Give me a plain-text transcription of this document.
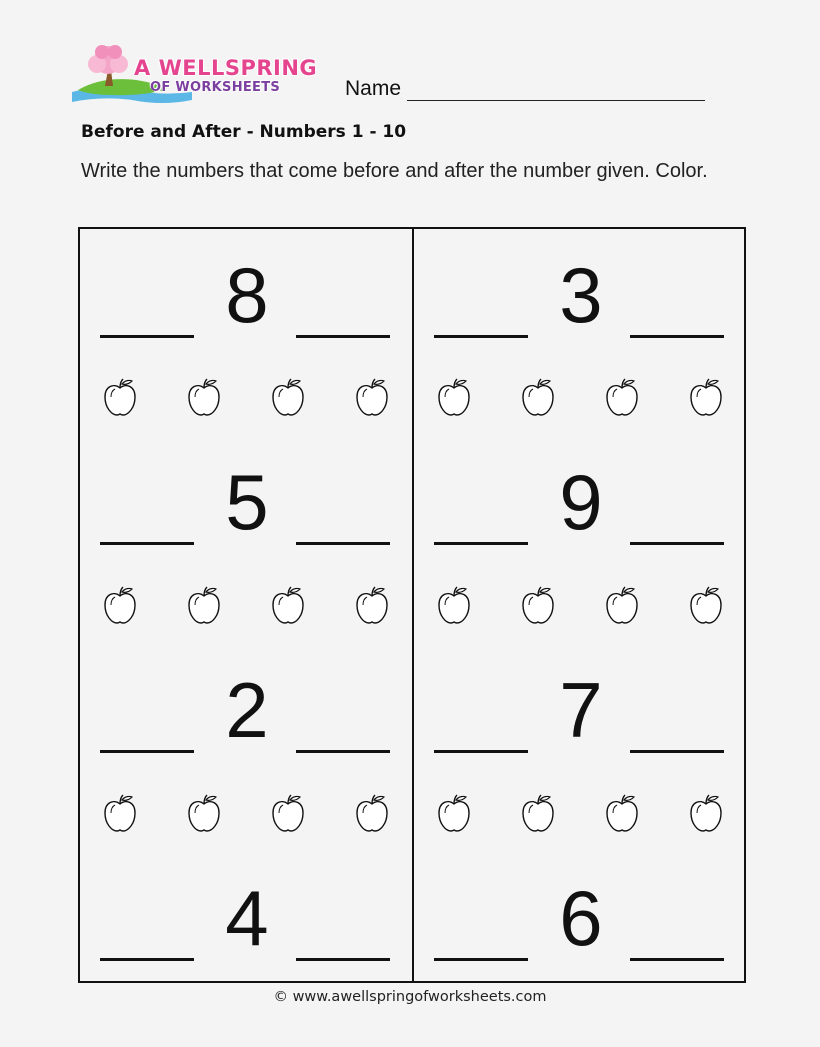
A WELLSPRING
OF WORKSHEETS	Name
Before and After - Numbers 1 - 10
Write the numbers that come before and after the number given. Color.
8
5
2
4
3
9
7
6
© www.awellspringofworksheets.com
